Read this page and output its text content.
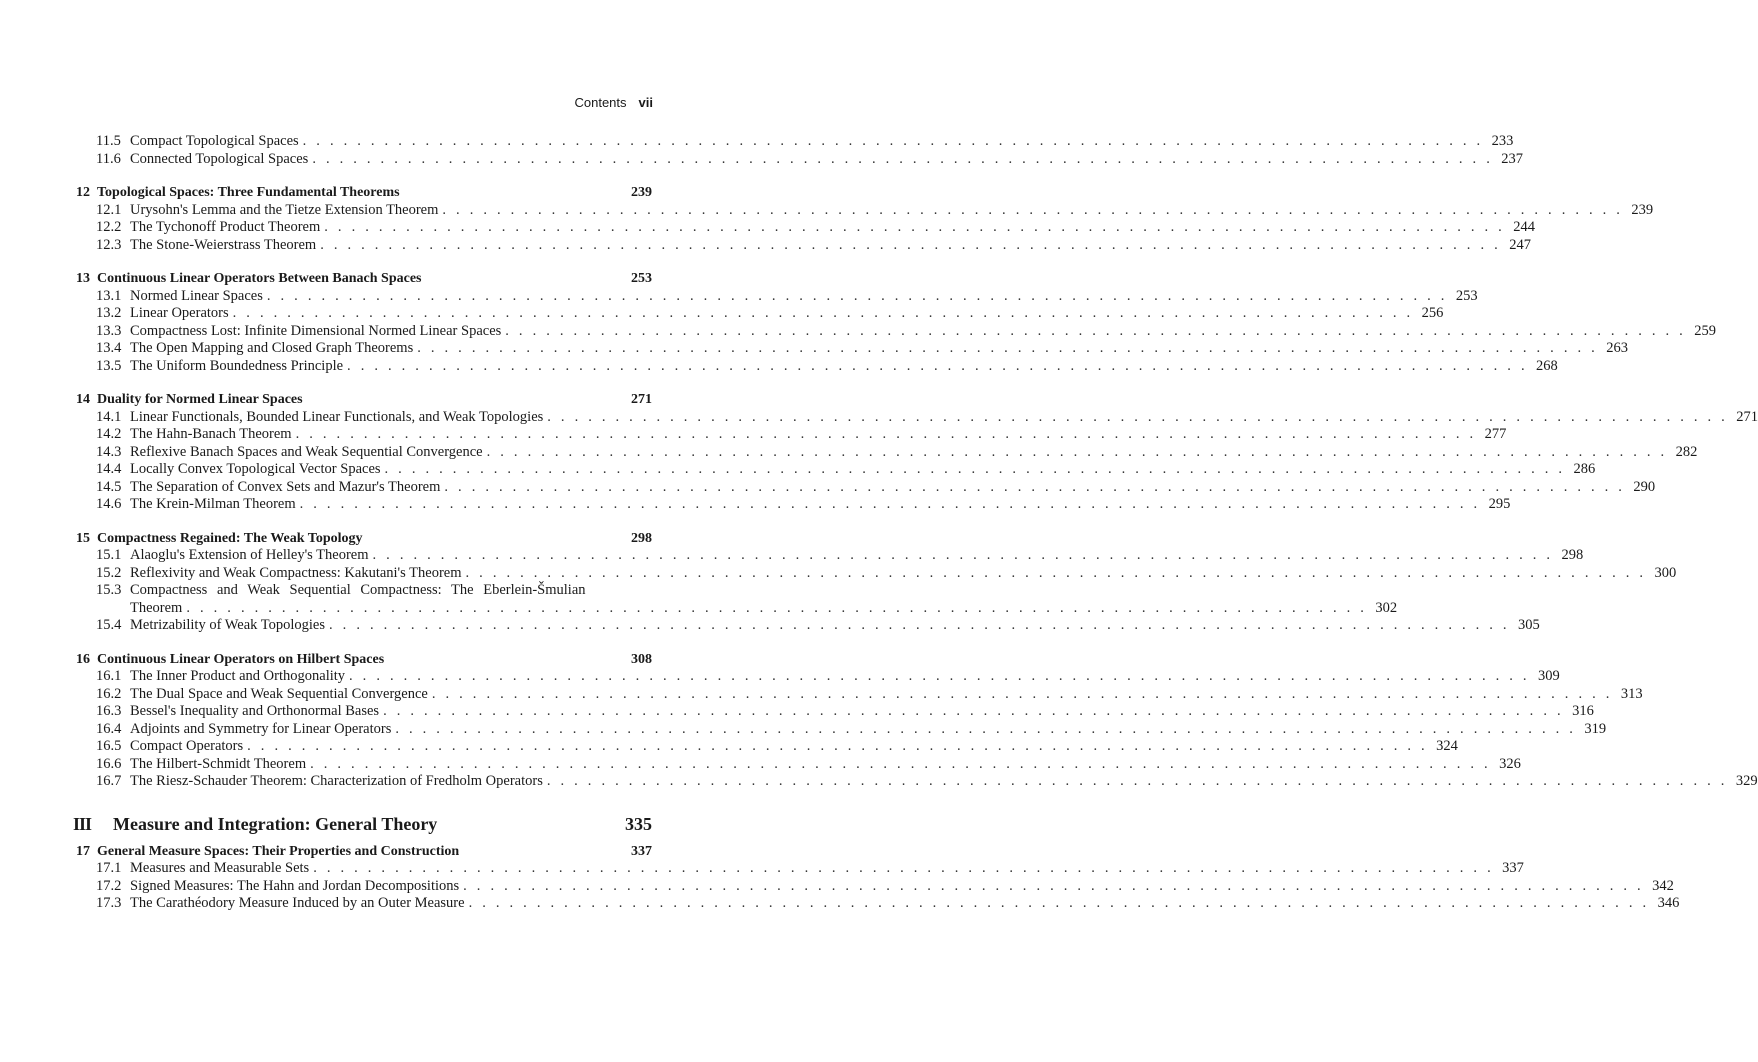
Contents vii
11.5 Compact Topological Spaces . . .	233
11.6 Connected Topological Spaces . . .	237
12 Topological Spaces: Three Fundamental Theorems	239
12.1 Urysohn's Lemma and the Tietze Extension Theorem . . .	239
12.2 The Tychonoff Product Theorem . . .	244
12.3 The Stone-Weierstrass Theorem . . .	247
13 Continuous Linear Operators Between Banach Spaces	253
13.1 Normed Linear Spaces . . .	253
13.2 Linear Operators . . .	256
13.3 Compactness Lost: Infinite Dimensional Normed Linear Spaces . . .	259
13.4 The Open Mapping and Closed Graph Theorems . . .	263
13.5 The Uniform Boundedness Principle . . .	268
14 Duality for Normed Linear Spaces	271
14.1 Linear Functionals, Bounded Linear Functionals, and Weak Topologies . . .	271
14.2 The Hahn-Banach Theorem . . .	277
14.3 Reflexive Banach Spaces and Weak Sequential Convergence . . .	282
14.4 Locally Convex Topological Vector Spaces . . .	286
14.5 The Separation of Convex Sets and Mazur's Theorem . . .	290
14.6 The Krein-Milman Theorem . . .	295
15 Compactness Regained: The Weak Topology	298
15.1 Alaoglu's Extension of Helley's Theorem . . .	298
15.2 Reflexivity and Weak Compactness: Kakutani's Theorem . . .	300
15.3 Compactness and Weak Sequential Compactness: The Eberlein-Šmulian
Theorem . . .	302
15.4 Metrizability of Weak Topologies . . .	305
16 Continuous Linear Operators on Hilbert Spaces	308
16.1 The Inner Product and Orthogonality . . .	309
16.2 The Dual Space and Weak Sequential Convergence . . .	313
16.3 Bessel's Inequality and Orthonormal Bases . . .	316
16.4 Adjoints and Symmetry for Linear Operators . . .	319
16.5 Compact Operators . . .	324
16.6 The Hilbert-Schmidt Theorem . . .	326
16.7 The Riesz-Schauder Theorem: Characterization of Fredholm Operators . . .	329
III	Measure and Integration: General Theory	335
17 General Measure Spaces: Their Properties and Construction	337
17.1 Measures and Measurable Sets . . .	337
17.2 Signed Measures: The Hahn and Jordan Decompositions . . .	342
17.3 The Carathéodory Measure Induced by an Outer Measure . . .	346
